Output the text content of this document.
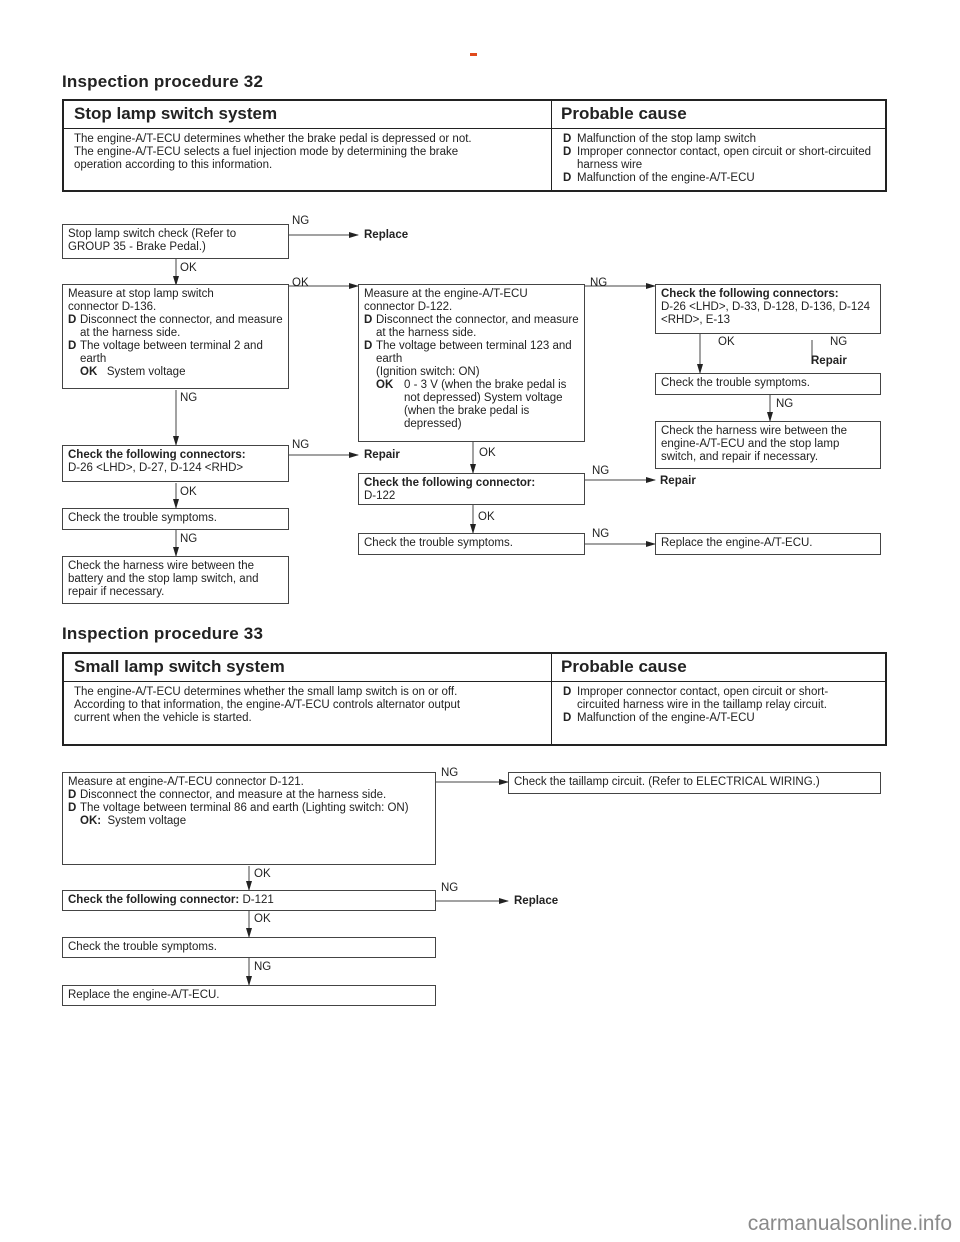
Inspection procedure 32
Stop lamp switch system	Probable cause
The engine-A/T-ECU determines whether the brake pedal is depressed or not.
The engine-A/T-ECU selects a fuel injection mode by determining the brake
operation according to this information.
D Malfunction of the stop lamp switch
D Improper connector contact, open circuit or short-circuited harness wire
D Malfunction of the engine-A/T-ECU
Stop lamp switch check (Refer to
GROUP 35 - Brake Pedal.)
NG
Replace
OK
Measure at stop lamp switch
connector D-136.
D Disconnect the connector, and measure at the harness side.
D The voltage between terminal 2 and earth
OK System voltage
OK
Measure at the engine-A/T-ECU
connector D-122.
D Disconnect the connector, and measure at the harness side.
D The voltage between terminal 123 and earth
(Ignition switch: ON)
OK 0 - 3 V (when the brake pedal is not depressed) System voltage (when the brake pedal is depressed)
NG
Check the following connectors:
D-26 <LHD>, D-33, D-128, D-136, D-124 <RHD>, E-13
OK	NG
Repair
Check the trouble symptoms.
NG
Check the harness wire between the engine-A/T-ECU and the stop lamp switch, and repair if necessary.
NG
Check the following connectors:
D-26 <LHD>, D-27, D-124 <RHD>
NG
Repair	OK
Check the following connector:
D-122
NG
Repair
OK
Check the trouble symptoms.	OK
Check the trouble symptoms.
NG
Replace the engine-A/T-ECU.
NG
Check the harness wire between the battery and the stop lamp switch, and repair if necessary.
Inspection procedure 33
Small lamp switch system	Probable cause
The engine-A/T-ECU determines whether the small lamp switch is on or off.
According to that information, the engine-A/T-ECU controls alternator output
current when the vehicle is started.
D Improper connector contact, open circuit or short-circuited harness wire in the taillamp relay circuit.
D Malfunction of the engine-A/T-ECU
Measure at engine-A/T-ECU connector D-121.
D Disconnect the connector, and measure at the harness side.
D The voltage between terminal 86 and earth (Lighting switch: ON)
OK: System voltage
NG
Check the taillamp circuit. (Refer to ELECTRICAL WIRING.)
OK
Check the following connector: D-121
NG
Replace
OK
Check the trouble symptoms.
NG
Replace the engine-A/T-ECU.
carmanualsonline.info
